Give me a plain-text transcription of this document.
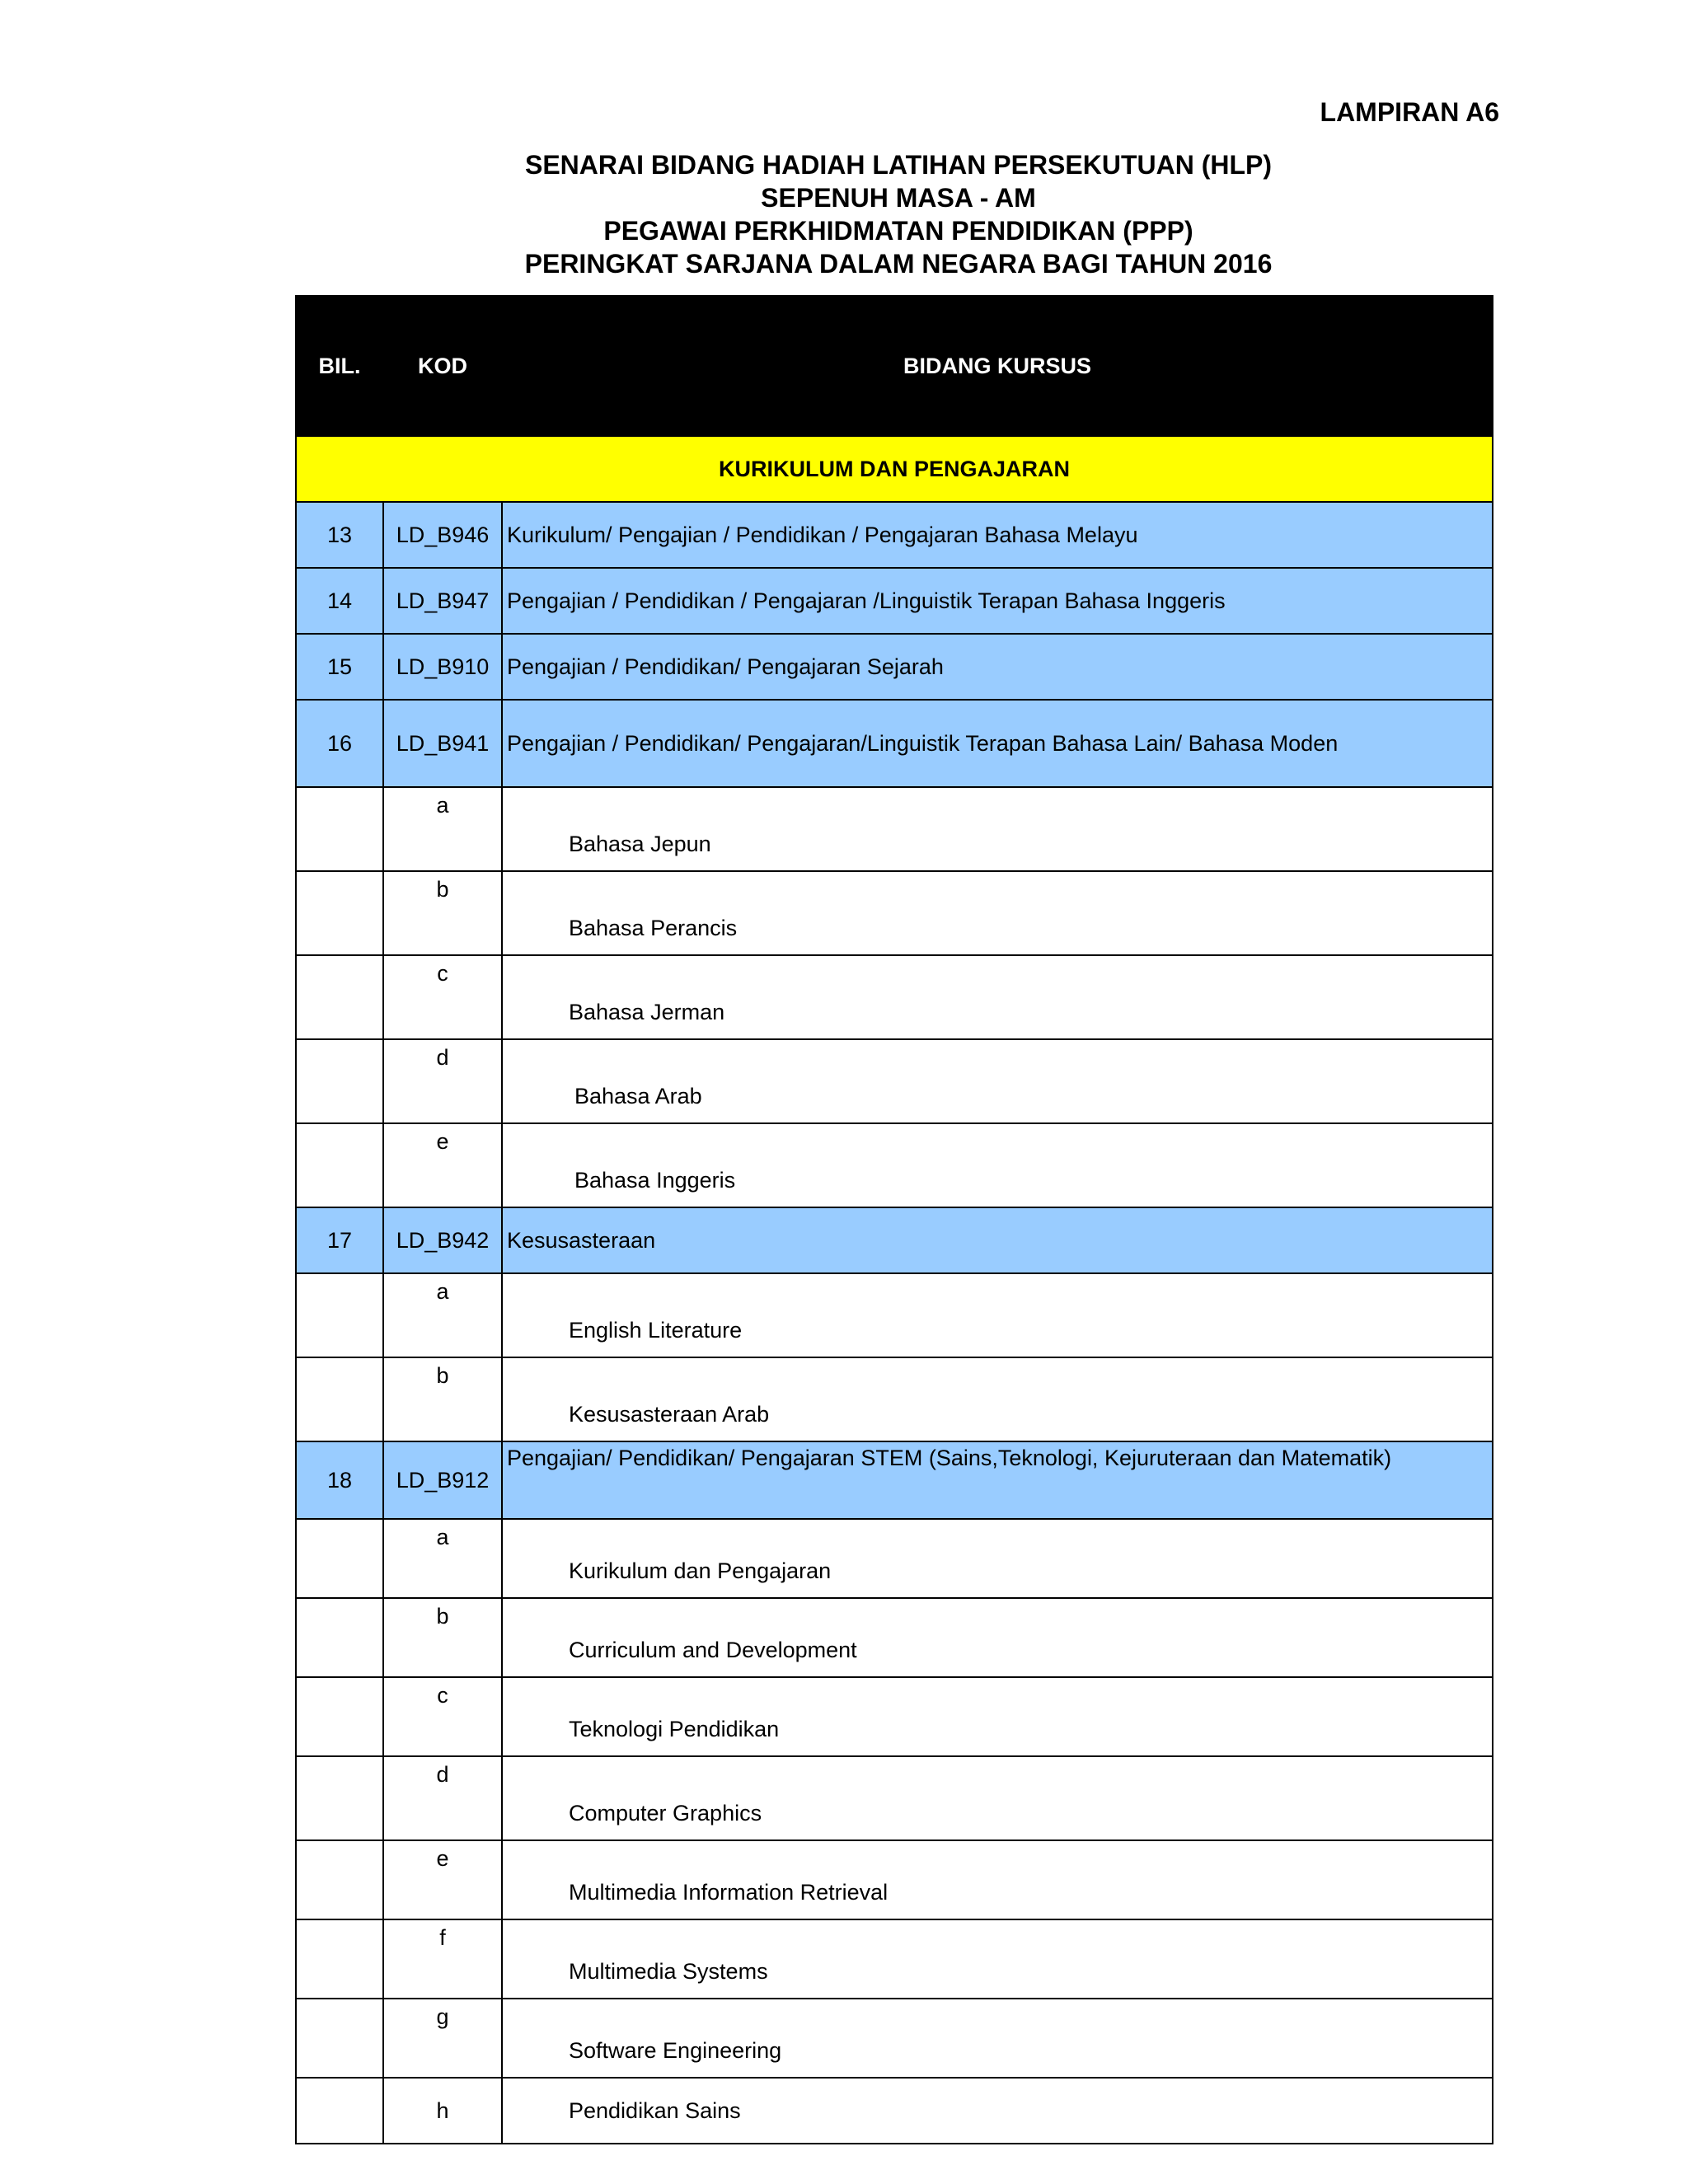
LAMPIRAN A6
SENARAI BIDANG HADIAH LATIHAN PERSEKUTUAN (HLP)
SEPENUH MASA - AM
PEGAWAI PERKHIDMATAN PENDIDIKAN (PPP)
PERINGKAT SARJANA DALAM NEGARA BAGI TAHUN 2016
BIL.	KOD	BIDANG KURSUS
KURIKULUM DAN PENGAJARAN		
13	LD_B946	Kurikulum/ Pengajian / Pendidikan / Pengajaran Bahasa Melayu
14	LD_B947	Pengajian / Pendidikan / Pengajaran /Linguistik Terapan Bahasa Inggeris
15	LD_B910	Pengajian / Pendidikan/ Pengajaran Sejarah
16	LD_B941	Pengajian / Pendidikan/ Pengajaran/Linguistik Terapan Bahasa Lain/ Bahasa Moden
	a	Bahasa Jepun
	b	Bahasa Perancis
	c	Bahasa Jerman
	d	Bahasa Arab
	e	Bahasa Inggeris
17	LD_B942	Kesusasteraan
	a	English Literature
	b	Kesusasteraan Arab
18	LD_B912	Pengajian/ Pendidikan/ Pengajaran STEM (Sains,Teknologi, Kejuruteraan dan Matematik)
	a	Kurikulum dan Pengajaran
	b	Curriculum and Development
	c	Teknologi Pendidikan
	d	Computer Graphics
	e	Multimedia Information Retrieval
	f	Multimedia Systems
	g	Software Engineering
	h	Pendidikan Sains
